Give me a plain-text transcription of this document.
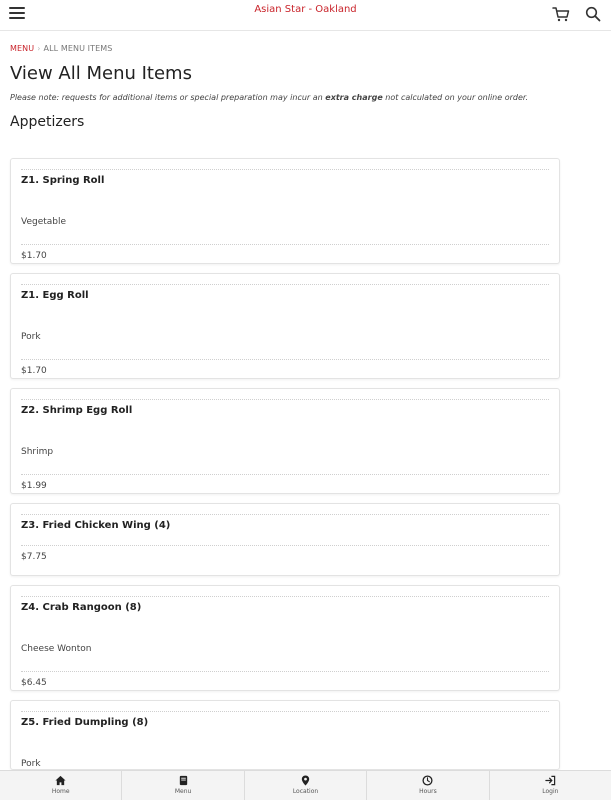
Asian Star - Oakland
MENU › ALL MENU ITEMS
View All Menu Items

Please note: requests for additional items or special preparation may incur an extra charge not calculated on your online order.

Appetizers
Z1. Spring Roll
Vegetable
$1.70
Z1. Egg Roll
Pork
$1.70
Z2. Shrimp Egg Roll
Shrimp
$1.99
Z3. Fried Chicken Wing (4)
$7.75
Z4. Crab Rangoon (8)
Cheese Wonton
$6.45
Z5. Fried Dumpling (8)
Pork
Home	Menu	Location	Hours	Login
